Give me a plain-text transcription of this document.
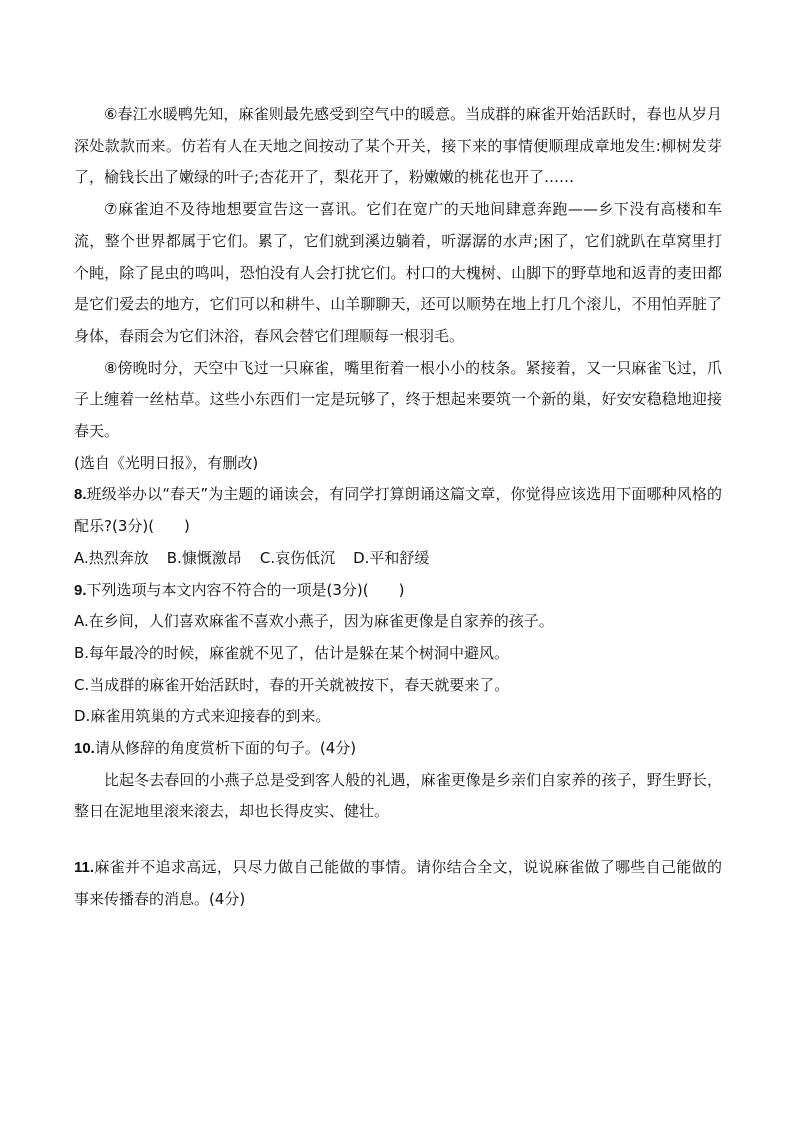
⑥春江水暖鸭先知，麻雀则最先感受到空气中的暖意。当成群的麻雀开始活跃时，春也从岁月深处款款而来。仿若有人在天地之间按动了某个开关，接下来的事情便顺理成章地发生:柳树发芽了，榆钱长出了嫩绿的叶子;杏花开了，梨花开了，粉嫩嫩的桃花也开了……

⑦麻雀迫不及待地想要宣告这一喜讯。它们在宽广的天地间肆意奔跑——乡下没有高楼和车流，整个世界都属于它们。累了，它们就到溪边躺着，听潺潺的水声;困了，它们就趴在草窝里打个盹，除了昆虫的鸣叫，恐怕没有人会打扰它们。村口的大槐树、山脚下的野草地和返青的麦田都是它们爱去的地方，它们可以和耕牛、山羊聊聊天，还可以顺势在地上打几个滚儿，不用怕弄脏了身体，春雨会为它们沐浴，春风会替它们理顺每一根羽毛。

⑧傍晚时分，天空中飞过一只麻雀，嘴里衔着一根小小的枝条。紧接着，又一只麻雀飞过，爪子上缠着一丝枯草。这些小东西们一定是玩够了，终于想起来要筑一个新的巢，好安安稳稳地迎接春天。

(选自《光明日报》，有删改)

8.班级举办以“春天”为主题的诵读会，有同学打算朗诵这篇文章，你觉得应该选用下面哪种风格的配乐?(3分)(　　)

A.热烈奔放 B.慷慨激昂 C.哀伤低沉 D.平和舒缓

9.下列选项与本文内容不符合的一项是(3分)(　　)

A.在乡间，人们喜欢麻雀不喜欢小燕子，因为麻雀更像是自家养的孩子。

B.每年最冷的时候，麻雀就不见了，估计是躲在某个树洞中避风。

C.当成群的麻雀开始活跃时，春的开关就被按下，春天就要来了。

D.麻雀用筑巢的方式来迎接春的到来。

10.请从修辞的角度赏析下面的句子。(4分)

比起冬去春回的小燕子总是受到客人般的礼遇，麻雀更像是乡亲们自家养的孩子，野生野长，整日在泥地里滚来滚去，却也长得皮实、健壮。

11.麻雀并不追求高远，只尽力做自己能做的事情。请你结合全文，说说麻雀做了哪些自己能做的事来传播春的消息。(4分)
